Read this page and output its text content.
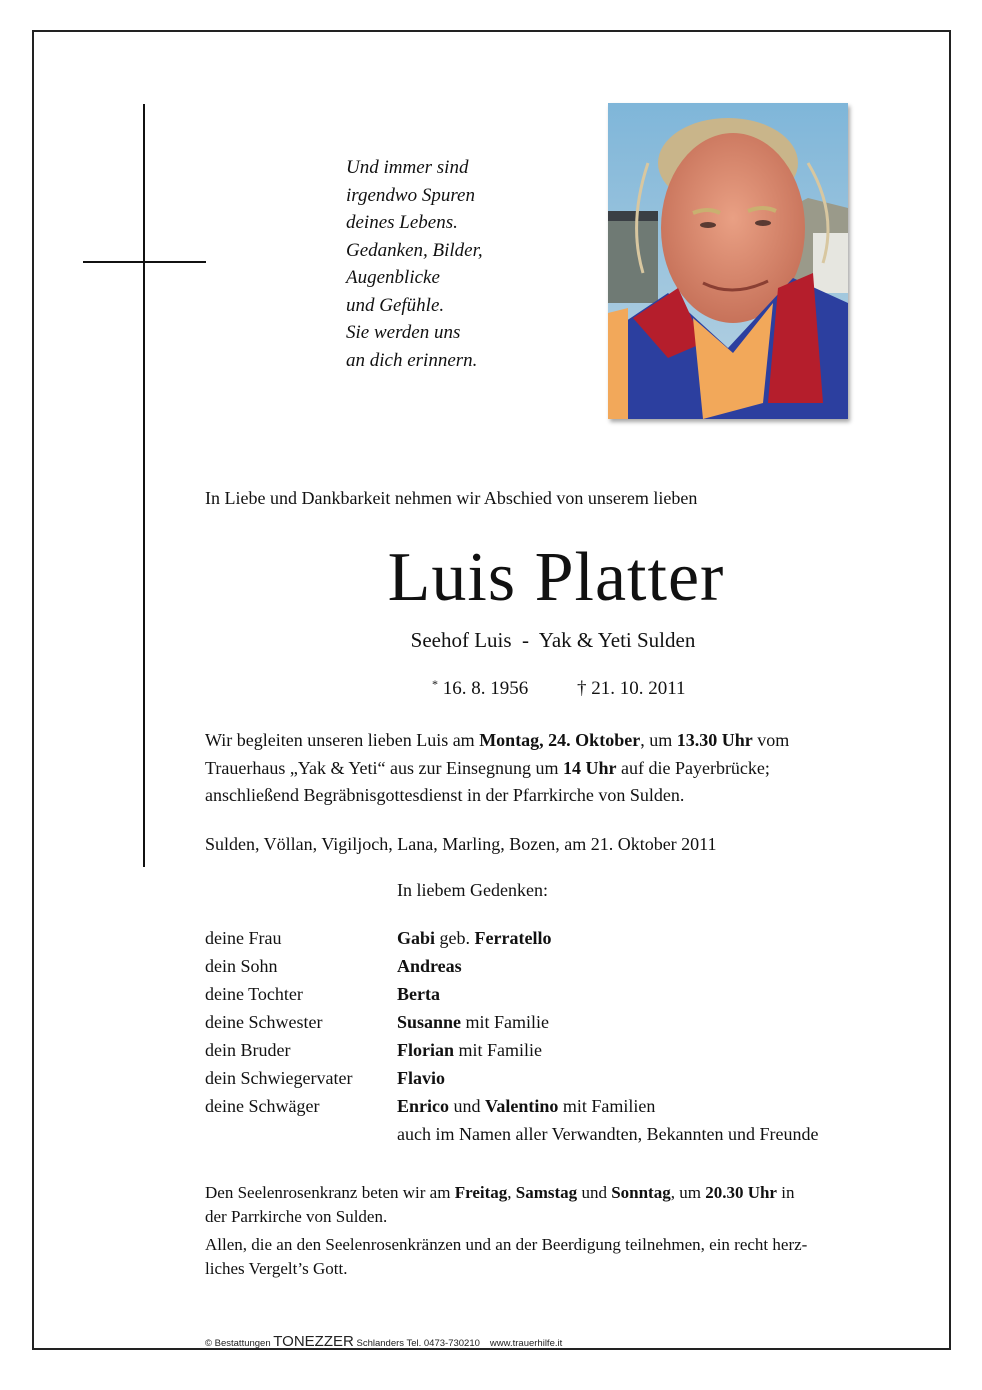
Und immer sind
irgendwo Spuren
deines Lebens.
Gedanken, Bilder,
Augenblicke
und Gefühle.
Sie werden uns
an dich erinnern.
In Liebe und Dankbarkeit nehmen wir Abschied von unserem lieben
Luis Platter
Seehof Luis  -  Yak & Yeti Sulden
* 16. 8. 1956	† 21. 10. 2011
Wir begleiten unseren lieben Luis am Montag, 24. Oktober, um 13.30 Uhr vom
Trauerhaus „Yak & Yeti“ aus zur Einsegnung um 14 Uhr auf die Payerbrücke;
anschließend Begräbnisgottesdienst in der Pfarrkirche von Sulden.
Sulden, Völlan, Vigiljoch, Lana, Marling, Bozen, am 21. Oktober 2011
In liebem Gedenken:
deine Frau	Gabi geb. Ferratello
dein Sohn	Andreas
deine Tochter	Berta
deine Schwester	Susanne mit Familie
dein Bruder	Florian mit Familie
dein Schwiegervater	Flavio
deine Schwäger	Enrico und Valentino mit Familien
auch im Namen aller Verwandten, Bekannten und Freunde

Den Seelenrosenkranz beten wir am Freitag, Samstag und Sonntag, um 20.30 Uhr in
der Parrkirche von Sulden.

Allen, die an den Seelenrosenkränzen und an der Beerdigung teilnehmen, ein recht herz-
liches Vergelt’s Gott.

© Bestattungen TONEZZER Schlanders Tel. 0473-730210 www.trauerhilfe.it
